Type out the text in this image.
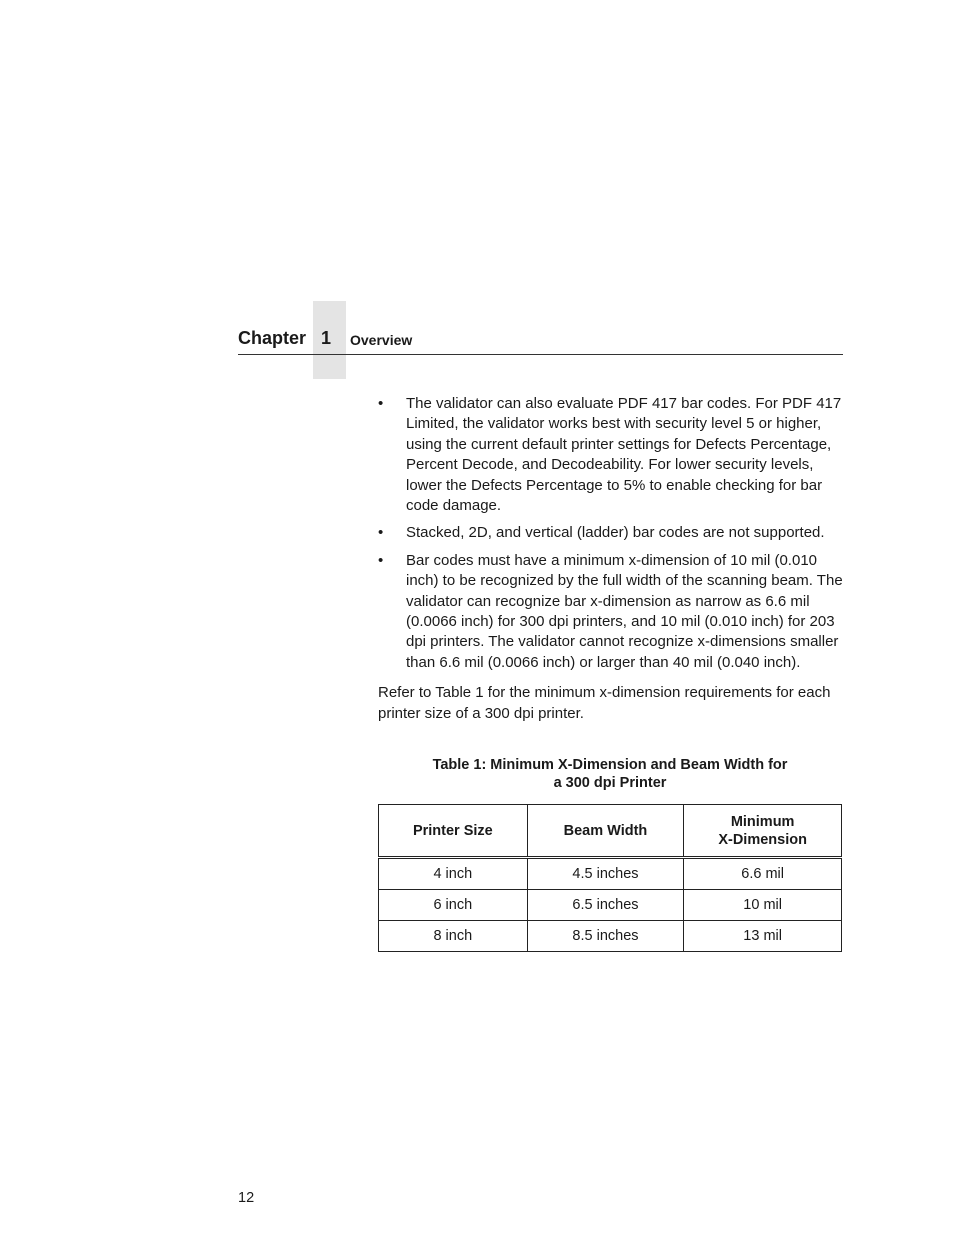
Chapter 1 Overview
• The validator can also evaluate PDF 417 bar codes. For PDF 417 Limited, the validator works best with security level 5 or higher, using the current default printer settings for Defects Percentage, Percent Decode, and Decodeability. For lower security levels, lower the Defects Percentage to 5% to enable checking for bar code damage.
• Stacked, 2D, and vertical (ladder) bar codes are not supported.
• Bar codes must have a minimum x-dimension of 10 mil (0.010 inch) to be recognized by the full width of the scanning beam. The validator can recognize bar x-dimension as narrow as 6.6 mil (0.0066 inch) for 300 dpi printers, and 10 mil (0.010 inch) for 203 dpi printers. The validator cannot recognize x-dimensions smaller than 6.6 mil (0.0066 inch) or larger than 40 mil (0.040 inch).

Refer to Table 1 for the minimum x-dimension requirements for each printer size of a 300 dpi printer.

Table 1: Minimum X-Dimension and Beam Width for
a 300 dpi Printer
Printer Size	Beam Width	Minimum
X-Dimension

4 inch	4.5 inches	6.6 mil
6 inch	6.5 inches	10 mil
8 inch	8.5 inches	13 mil
12
